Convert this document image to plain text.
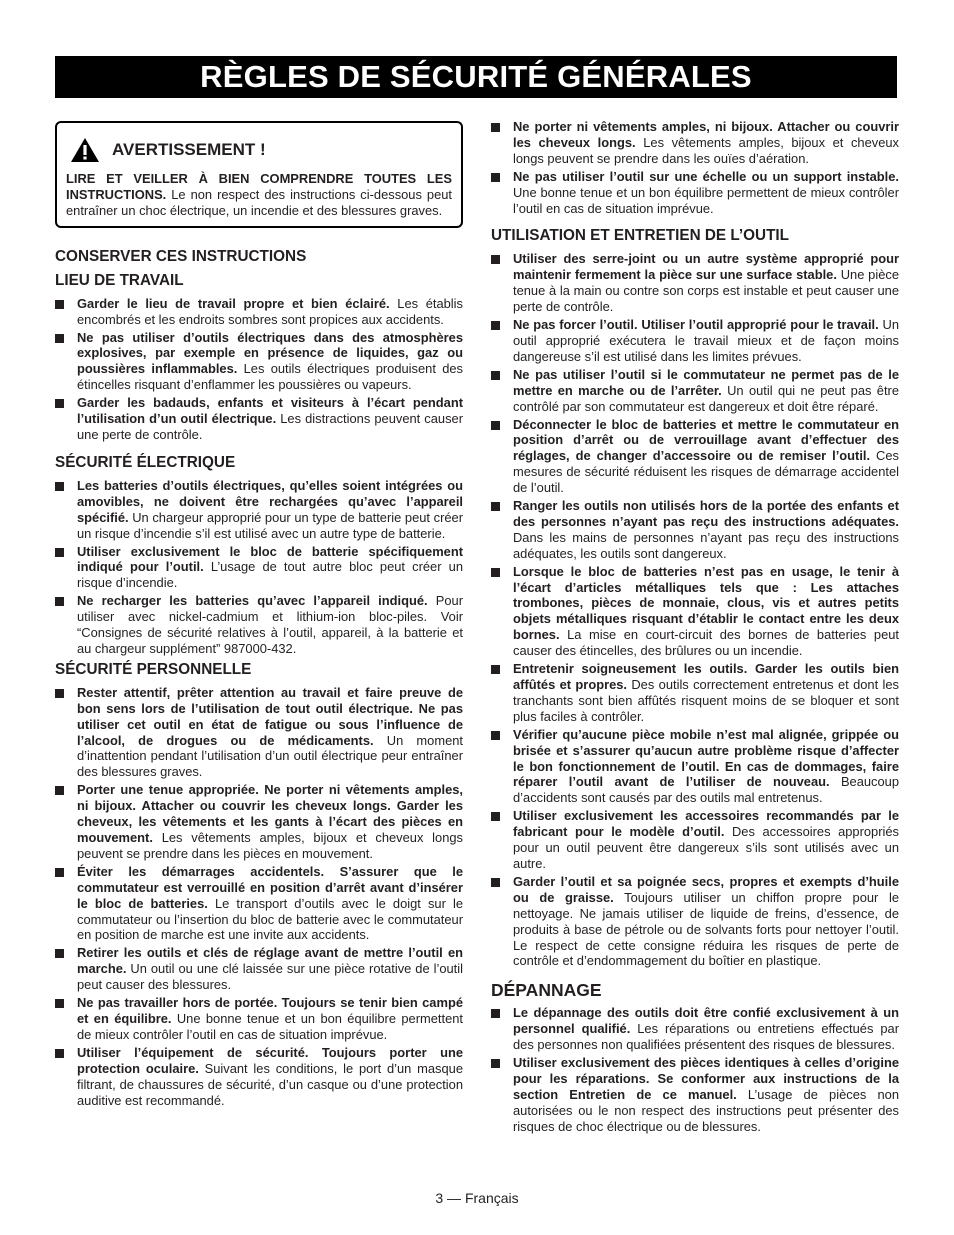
RÈGLES DE SÉCURITÉ GÉNÉRALES
AVERTISSEMENT !
LIRE ET VEILLER À BIEN COMPRENDRE TOUTES LES INSTRUCTIONS. Le non respect des instructions ci-dessous peut entraîner un choc électrique, un incendie et des blessures graves.
CONSERVER CES INSTRUCTIONS
LIEU DE TRAVAIL
Garder le lieu de travail propre et bien éclairé. Les établis encombrés et les endroits sombres sont propices aux accidents.
Ne pas utiliser d’outils électriques dans des atmosphères explosives, par exemple en présence de liquides, gaz ou poussières inflammables. Les outils électriques produisent des étincelles risquant d’enflammer les poussières ou vapeurs.
Garder les badauds, enfants et visiteurs à l’écart pendant l’utilisation d’un outil électrique. Les distractions peuvent causer une perte de contrôle.
SÉCURITÉ ÉLECTRIQUE
Les batteries d’outils électriques, qu’elles soient intégrées ou amovibles, ne doivent être rechargées qu’avec l’appareil spécifié. Un chargeur approprié pour un type de batterie peut créer un risque d’incendie s’il est utilisé avec un autre type de batterie.
Utiliser exclusivement le bloc de batterie spécifiquement indiqué pour l’outil. L’usage de tout autre bloc peut créer un risque d’incendie.
Ne recharger les batteries qu’avec l’appareil indiqué. Pour utiliser avec nickel-cadmium et lithium-ion bloc-piles. Voir “Consignes de sécurité relatives à l’outil, appareil, à la batterie et au chargeur supplément” 987000-432.
SÉCURITÉ PERSONNELLE
Rester attentif, prêter attention au travail et faire preuve de bon sens lors de l’utilisation de tout outil électrique. Ne pas utiliser cet outil en état de fatigue ou sous l’influence de l’alcool, de drogues ou de médicaments. Un moment d’inattention pendant l’utilisation d’un outil électrique peur entraîner des blessures graves.
Porter une tenue appropriée. Ne porter ni vêtements amples, ni bijoux. Attacher ou couvrir les cheveux longs. Garder les cheveux, les vêtements et les gants à l’écart des pièces en mouvement. Les vêtements amples, bijoux et cheveux longs peuvent se prendre dans les pièces en mouvement.
Éviter les démarrages accidentels. S’assurer que le commutateur est verrouillé en position d’arrêt avant d’insérer le bloc de batteries. Le transport d’outils avec le doigt sur le commutateur ou l’insertion du bloc de batterie avec le commutateur en position de marche est une invite aux accidents.
Retirer les outils et clés de réglage avant de mettre l’outil en marche. Un outil ou une clé laissée sur une pièce rotative de l’outil peut causer des blessures.
Ne pas travailler hors de portée. Toujours se tenir bien campé et en équilibre. Une bonne tenue et un bon équilibre permettent de mieux contrôler l’outil en cas de situation imprévue.
Utiliser l’équipement de sécurité. Toujours porter une protection oculaire. Suivant les conditions, le port d’un masque filtrant, de chaussures de sécurité, d’un casque ou d’une protection auditive est recommandé.
Ne porter ni vêtements amples, ni bijoux. Attacher ou couvrir les cheveux longs. Les vêtements amples, bijoux et cheveux longs peuvent se prendre dans les ouïes d’aération.
Ne pas utiliser l’outil sur une échelle ou un support instable. Une bonne tenue et un bon équilibre permettent de mieux contrôler l’outil en cas de situation imprévue.
UTILISATION ET ENTRETIEN DE L’OUTIL
Utiliser des serre-joint ou un autre système approprié pour maintenir fermement la pièce sur une surface stable. Une pièce tenue à la main ou contre son corps est instable et peut causer une perte de contrôle.
Ne pas forcer l’outil. Utiliser l’outil approprié pour le travail. Un outil approprié exécutera le travail mieux et de façon moins dangereuse s’il est utilisé dans les limites prévues.
Ne pas utiliser l’outil si le commutateur ne permet pas de le mettre en marche ou de l’arrêter. Un outil qui ne peut pas être contrôlé par son commutateur est dangereux et doit être réparé.
Déconnecter le bloc de batteries et mettre le commutateur en position d’arrêt ou de verrouillage avant d’effectuer des réglages, de changer d’accessoire ou de remiser l’outil. Ces mesures de sécurité réduisent les risques de démarrage accidentel de l’outil.
Ranger les outils non utilisés hors de la portée des enfants et des personnes n’ayant pas reçu des instructions adéquates. Dans les mains de personnes n’ayant pas reçu des instructions adéquates, les outils sont dangereux.
Lorsque le bloc de batteries n’est pas en usage, le tenir à l’écart d’articles métalliques tels que : Les attaches trombones, pièces de monnaie, clous, vis et autres petits objets métalliques risquant d’établir le contact entre les deux bornes. La mise en court-circuit des bornes de batteries peut causer des étincelles, des brûlures ou un incendie.
Entretenir soigneusement les outils. Garder les outils bien affûtés et propres. Des outils correctement entretenus et dont les tranchants sont bien affûtés risquent moins de se bloquer et sont plus faciles à contrôler.
Vérifier qu’aucune pièce mobile n’est mal alignée, grippée ou brisée et s’assurer qu’aucun autre problème risque d’affecter le bon fonctionnement de l’outil. En cas de dommages, faire réparer l’outil avant de l’utiliser de nouveau. Beaucoup d’accidents sont causés par des outils mal entretenus.
Utiliser exclusivement les accessoires recommandés par le fabricant pour le modèle d’outil. Des accessoires appropriés pour un outil peuvent être dangereux s’ils sont utilisés avec un autre.
Garder l’outil et sa poignée secs, propres et exempts d’huile ou de graisse. Toujours utiliser un chiffon propre pour le nettoyage. Ne jamais utiliser de liquide de freins, d’essence, de produits à base de pétrole ou de solvants forts pour nettoyer l’outil. Le respect de cette consigne réduira les risques de perte de contrôle et d’endommagement du boîtier en plastique.
DÉPANNAGE
Le dépannage des outils doit être confié exclusivement à un personnel qualifié. Les réparations ou entretiens effectués par des personnes non qualifiées présentent des risques de blessures.
Utiliser exclusivement des pièces identiques à celles d’origine pour les réparations. Se conformer aux instructions de la section Entretien de ce manuel. L’usage de pièces non autorisées ou le non respect des instructions peut présenter des risques de choc électrique ou de blessures.
3 — Français
